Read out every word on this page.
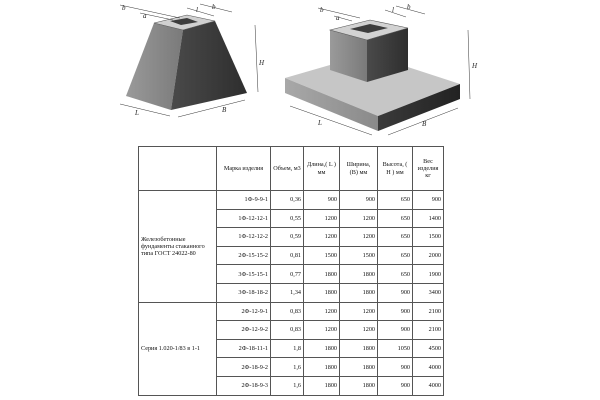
b
a
l b
H
L	B
b
a
l b
H
L	B
	Марка изделия	Объем, м3	Длина,( L ) мм	Ширина, (B) мм	Высота, ( H ) мм	Вес изделия кг
Железобетонные фундаменты стаканного типа ГОСТ 24022-80	1Ф-9-9-1	0,36	900	900	650	900
	1Ф-12-12-1	0,55	1200	1200	650	1400
	1Ф-12-12-2	0,59	1200	1200	650	1500
	2Ф-15-15-2	0,81	1500	1500	650	2000
	3Ф-15-15-1	0,77	1800	1800	650	1900
	3Ф-18-18-2	1,34	1800	1800	900	3400
Серия 1.020-1/83 в 1-1	2Ф-12-9-1	0,83	1200	1200	900	2100
	2Ф-12-9-2	0,83	1200	1200	900	2100
	2Ф-18-11-1	1,8	1800	1800	1050	4500
	2Ф-18-9-2	1,6	1800	1800	900	4000
	2Ф-18-9-3	1,6	1800	1800	900	4000
